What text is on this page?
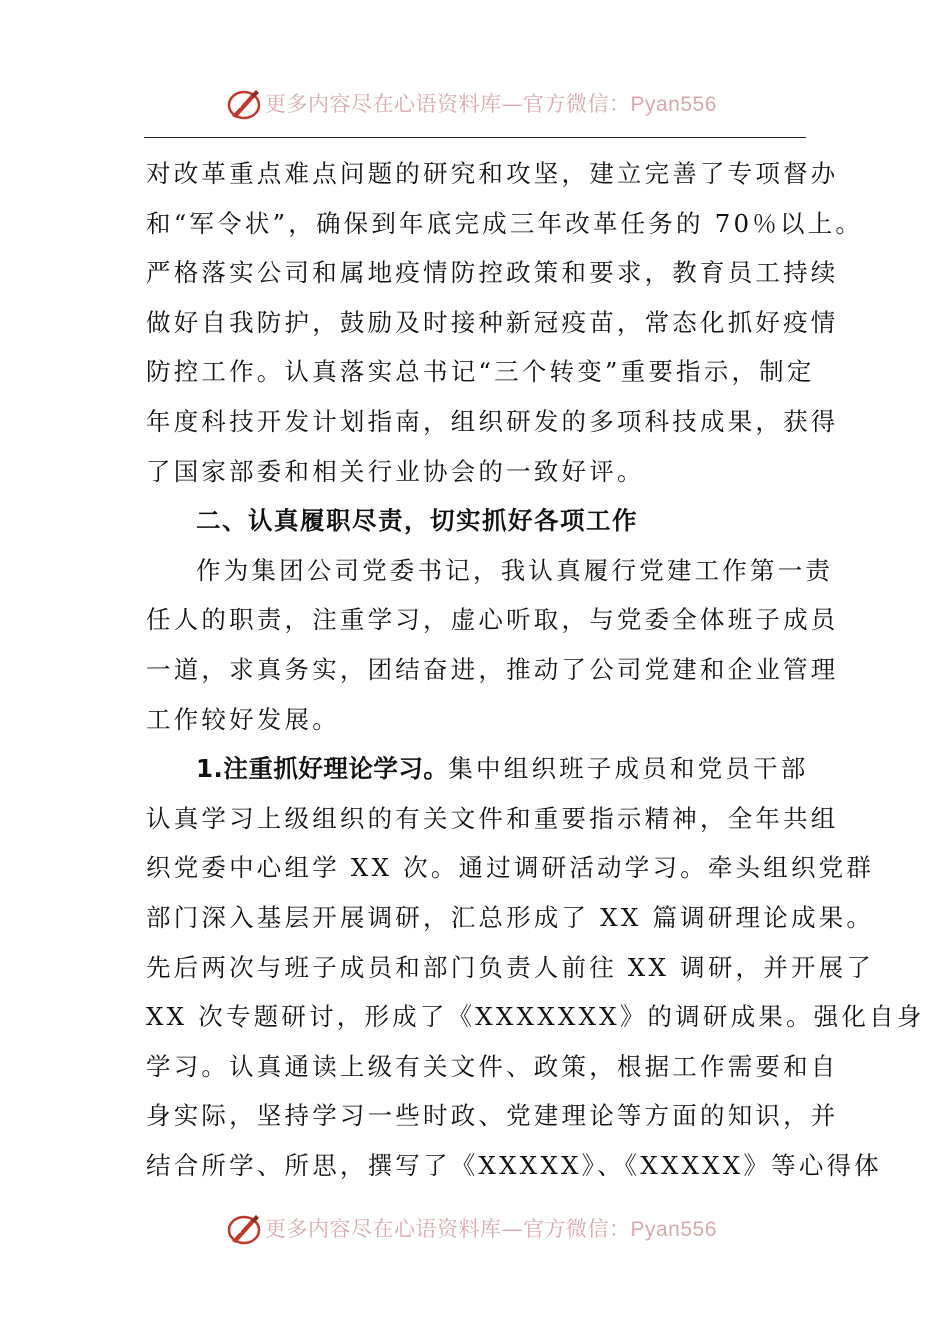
更多内容尽在心语资料库—官方微信：Pyan556
对改革重点难点问题的研究和攻坚，建立完善了专项督办
和“军令状”，确保到年底完成三年改革任务的 70％以上。
严格落实公司和属地疫情防控政策和要求，教育员工持续
做好自我防护，鼓励及时接种新冠疫苗，常态化抓好疫情
防控工作。认真落实总书记“三个转变”重要指示，制定
年度科技开发计划指南，组织研发的多项科技成果，获得
了国家部委和相关行业协会的一致好评。
二、认真履职尽责，切实抓好各项工作
作为集团公司党委书记，我认真履行党建工作第一责
任人的职责，注重学习，虚心听取，与党委全体班子成员
一道，求真务实，团结奋进，推动了公司党建和企业管理
工作较好发展。
1.注重抓好理论学习。集中组织班子成员和党员干部
认真学习上级组织的有关文件和重要指示精神，全年共组
织党委中心组学 XX 次。通过调研活动学习。牵头组织党群
部门深入基层开展调研，汇总形成了 XX 篇调研理论成果。
先后两次与班子成员和部门负责人前往 XX 调研，并开展了
XX 次专题研讨，形成了《XXXXXXX》的调研成果。强化自身
学习。认真通读上级有关文件、政策，根据工作需要和自
身实际，坚持学习一些时政、党建理论等方面的知识，并
结合所学、所思，撰写了《XXXXX》、《XXXXX》等心得体
更多内容尽在心语资料库—官方微信：Pyan556
